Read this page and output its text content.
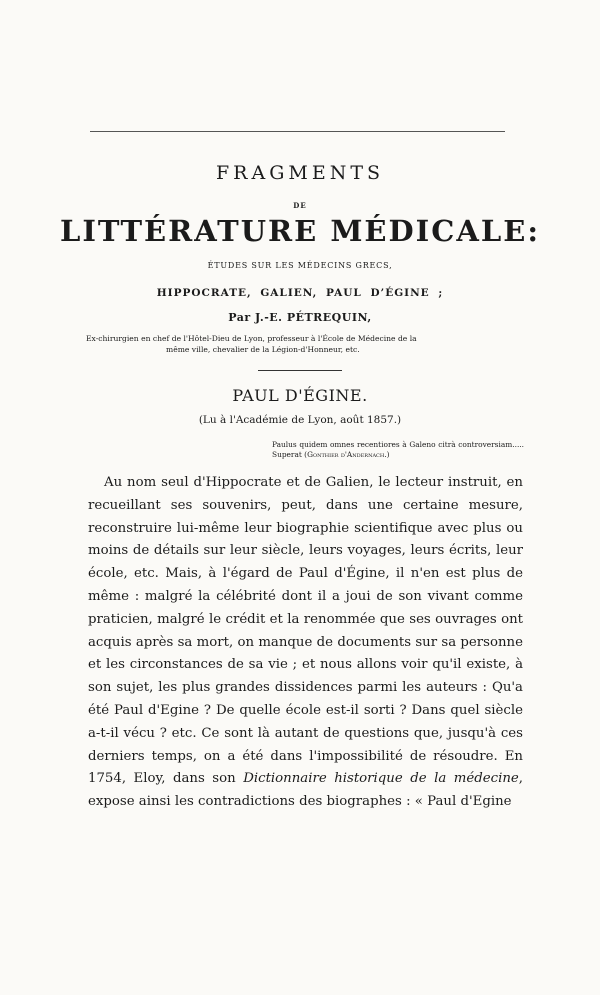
FRAGMENTS
DE
LITTÉRATURE MÉDICALE:
ÉTUDES SUR LES MÉDECINS GRECS,
HIPPOCRATE, GALIEN, PAUL D’ÉGINE ;
Par J.-E. PÉTREQUIN,
Ex-chirurgien en chef de l'Hôtel-Dieu de Lyon, professeur à l'École de Médecine de la
même ville, chevalier de la Légion-d'Honneur, etc.
PAUL D'ÉGINE.
(Lu à l'Académie de Lyon, août 1857.)
Paulus quidem omnes recentiores à Galeno citrà controversiam..... Superat (Gonthier d'Andernach.)

Au nom seul d'Hippocrate et de Galien, le lecteur instruit, en recueillant ses souvenirs, peut, dans une certaine mesure, reconstruire lui-même leur biographie scientifique avec plus ou moins de détails sur leur siècle, leurs voyages, leurs écrits, leur école, etc. Mais, à l'égard de Paul d'Égine, il n'en est plus de même : malgré la célébrité dont il a joui de son vivant comme praticien, malgré le crédit et la renommée que ses ouvrages ont acquis après sa mort, on manque de documents sur sa personne et les circonstances de sa vie ; et nous allons voir qu'il existe, à son sujet, les plus grandes dissidences parmi les auteurs : Qu'a été Paul d'Egine ? De quelle école est-il sorti ? Dans quel siècle a-t-il vécu ? etc. Ce sont là autant de questions que, jusqu'à ces derniers temps, on a été dans l'impossibilité de résoudre. En 1754, Eloy, dans son Dictionnaire historique de la médecine, expose ainsi les contradictions des biographes : « Paul d'Egine
